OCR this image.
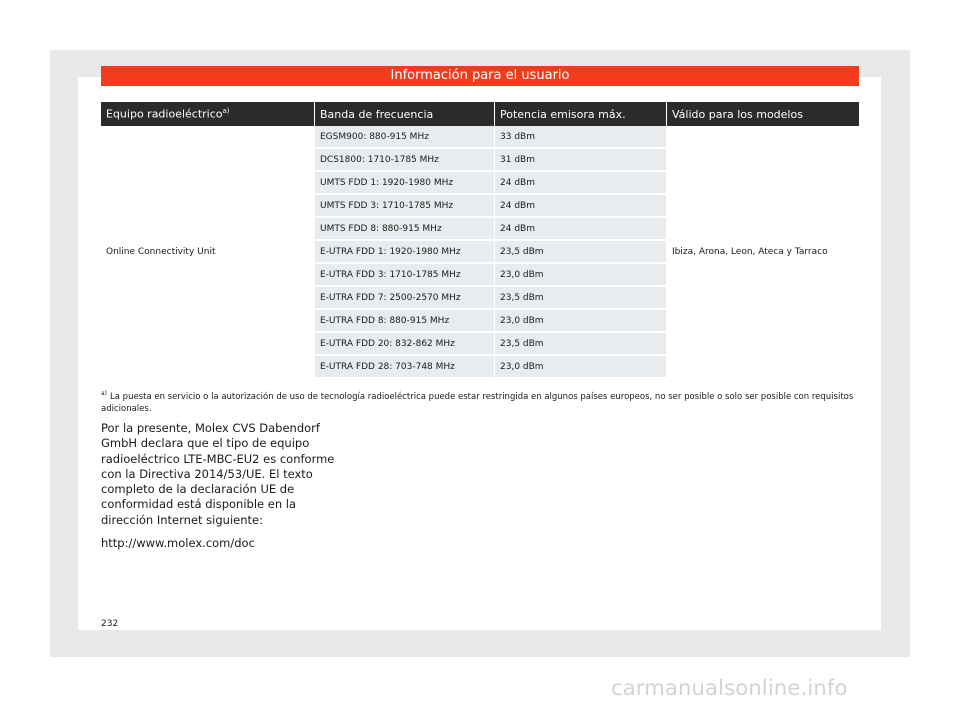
Información para el usuario
Equipo radioeléctrico$^{a)}$	Banda de frecuencia	Potencia emisora máx.	Válido para los modelos
Online Connectivity Unit	EGSM900: 880-915 MHz	33 dBm	Ibiza, Arona, Leon, Ateca y Tarraco
	DCS1800: 1710-1785 MHz	31 dBm	
	UMTS FDD 1: 1920-1980 MHz	24 dBm	
	UMTS FDD 3: 1710-1785 MHz	24 dBm	
	UMTS FDD 8: 880-915 MHz	24 dBm	
	E-UTRA FDD 1: 1920-1980 MHz	23,5 dBm	
	E-UTRA FDD 3: 1710-1785 MHz	23,0 dBm	
	E-UTRA FDD 7: 2500-2570 MHz	23,5 dBm	
	E-UTRA FDD 8: 880-915 MHz	23,0 dBm	
	E-UTRA FDD 20: 832-862 MHz	23,5 dBm	
	E-UTRA FDD 28: 703-748 MHz	23,0 dBm	
$^{a)}$ La puesta en servicio o la autorización de uso de tecnología radioeléctrica puede estar restringida en algunos países europeos, no ser posible o solo ser posible con requisitos adicionales.

Por la presente, Molex CVS Dabendorf GmbH declara que el tipo de equipo radioeléctrico LTE-MBC-EU2 es conforme con la Directiva 2014/53/UE. El texto completo de la declaración UE de conformidad está disponible en la dirección Internet siguiente:

http://www.molex.com/doc

232
carmanualsonline.info
